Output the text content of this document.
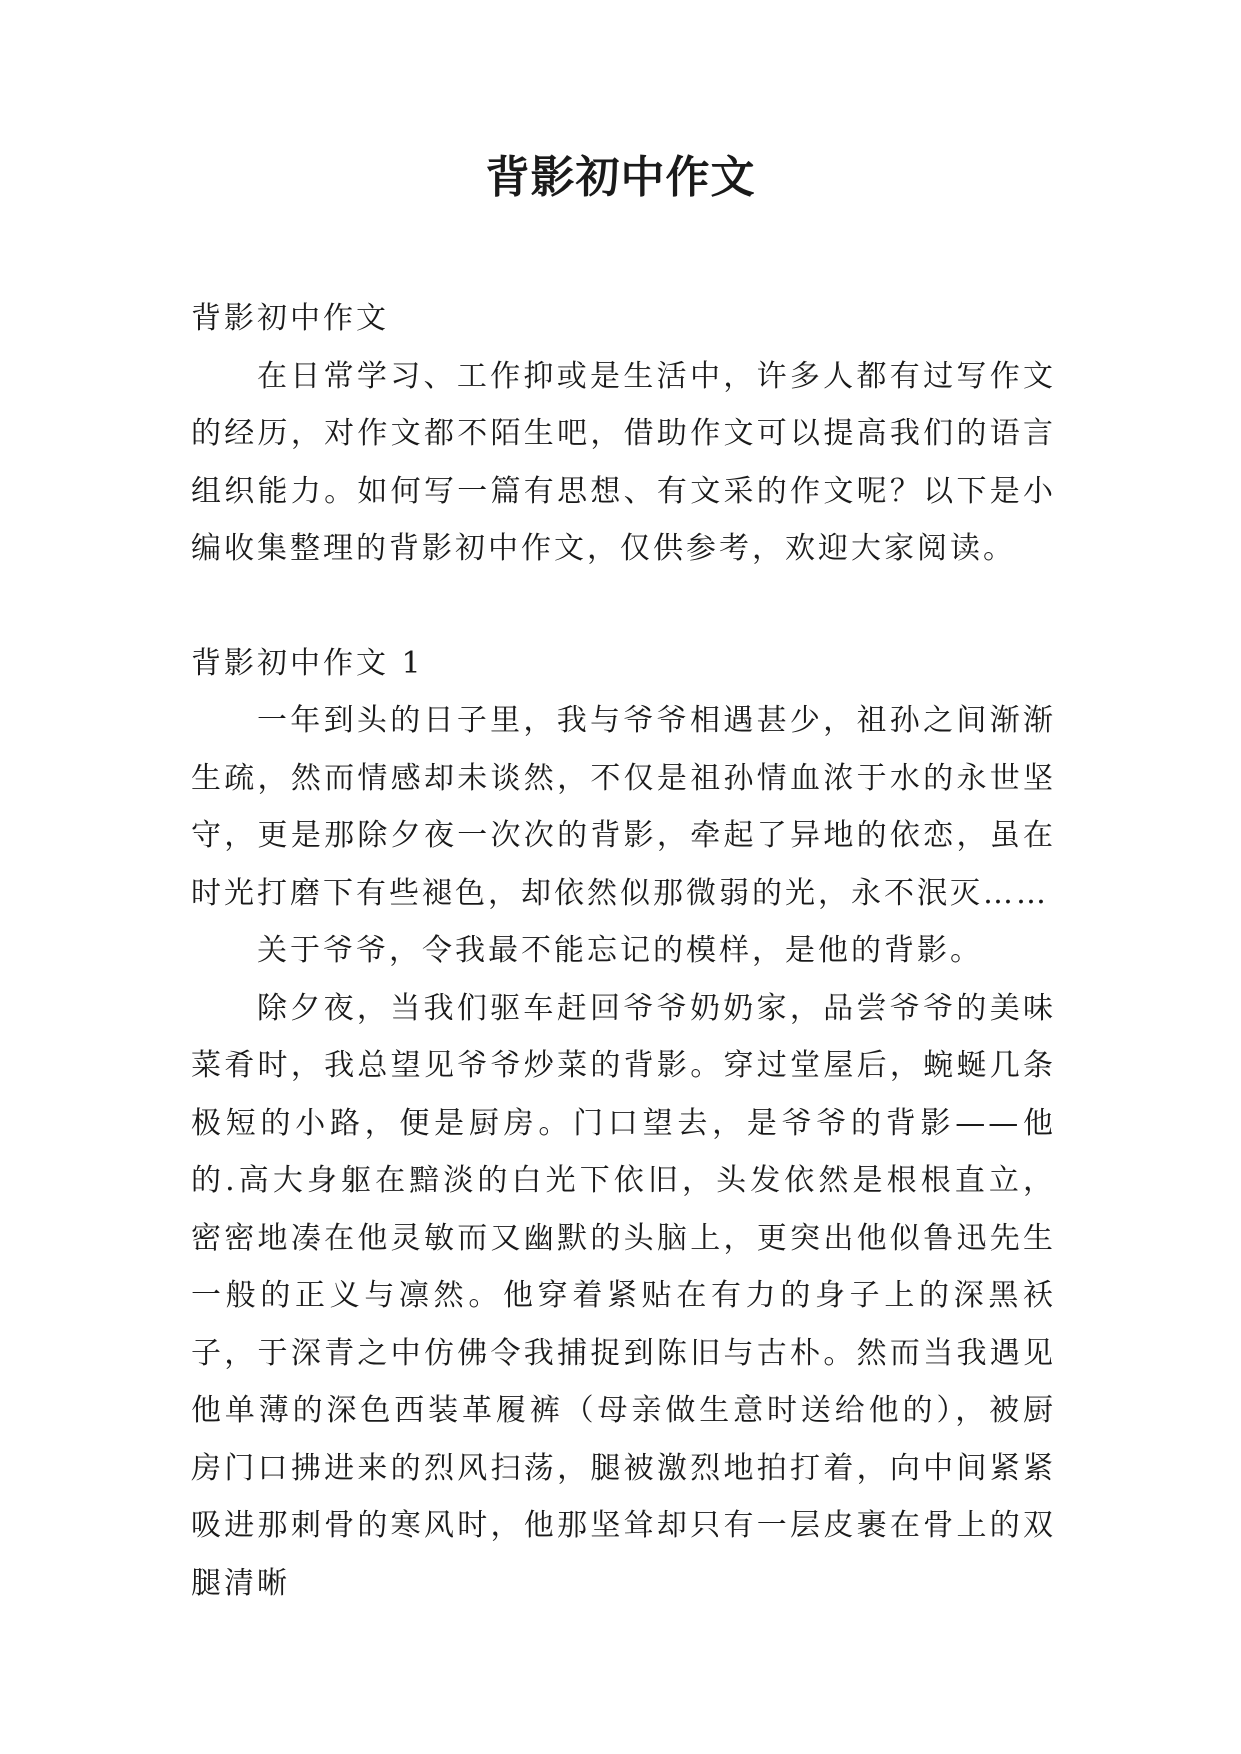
背影初中作文

背影初中作文

在日常学习、工作抑或是生活中，许多人都有过写作文的经历，对作文都不陌生吧，借助作文可以提高我们的语言组织能力。如何写一篇有思想、有文采的作文呢？以下是小编收集整理的背影初中作文，仅供参考，欢迎大家阅读。

背影初中作文 1

一年到头的日子里，我与爷爷相遇甚少，祖孙之间渐渐生疏，然而情感却未谈然，不仅是祖孙情血浓于水的永世坚守，更是那除夕夜一次次的背影，牵起了异地的依恋，虽在时光打磨下有些褪色，却依然似那微弱的光，永不泯灭……

关于爷爷，令我最不能忘记的模样，是他的背影。

除夕夜，当我们驱车赶回爷爷奶奶家，品尝爷爷的美味菜肴时，我总望见爷爷炒菜的背影。穿过堂屋后，蜿蜒几条极短的小路，便是厨房。门口望去，是爷爷的背影——他的.高大身躯在黯淡的白光下依旧，头发依然是根根直立，密密地凑在他灵敏而又幽默的头脑上，更突出他似鲁迅先生一般的正义与凛然。他穿着紧贴在有力的身子上的深黑袄子，于深青之中仿佛令我捕捉到陈旧与古朴。然而当我遇见他单薄的深色西装革履裤（母亲做生意时送给他的），被厨房门口拂进来的烈风扫荡，腿被激烈地拍打着，向中间紧紧吸进那刺骨的寒风时，他那坚耸却只有一层皮裹在骨上的双腿清晰
